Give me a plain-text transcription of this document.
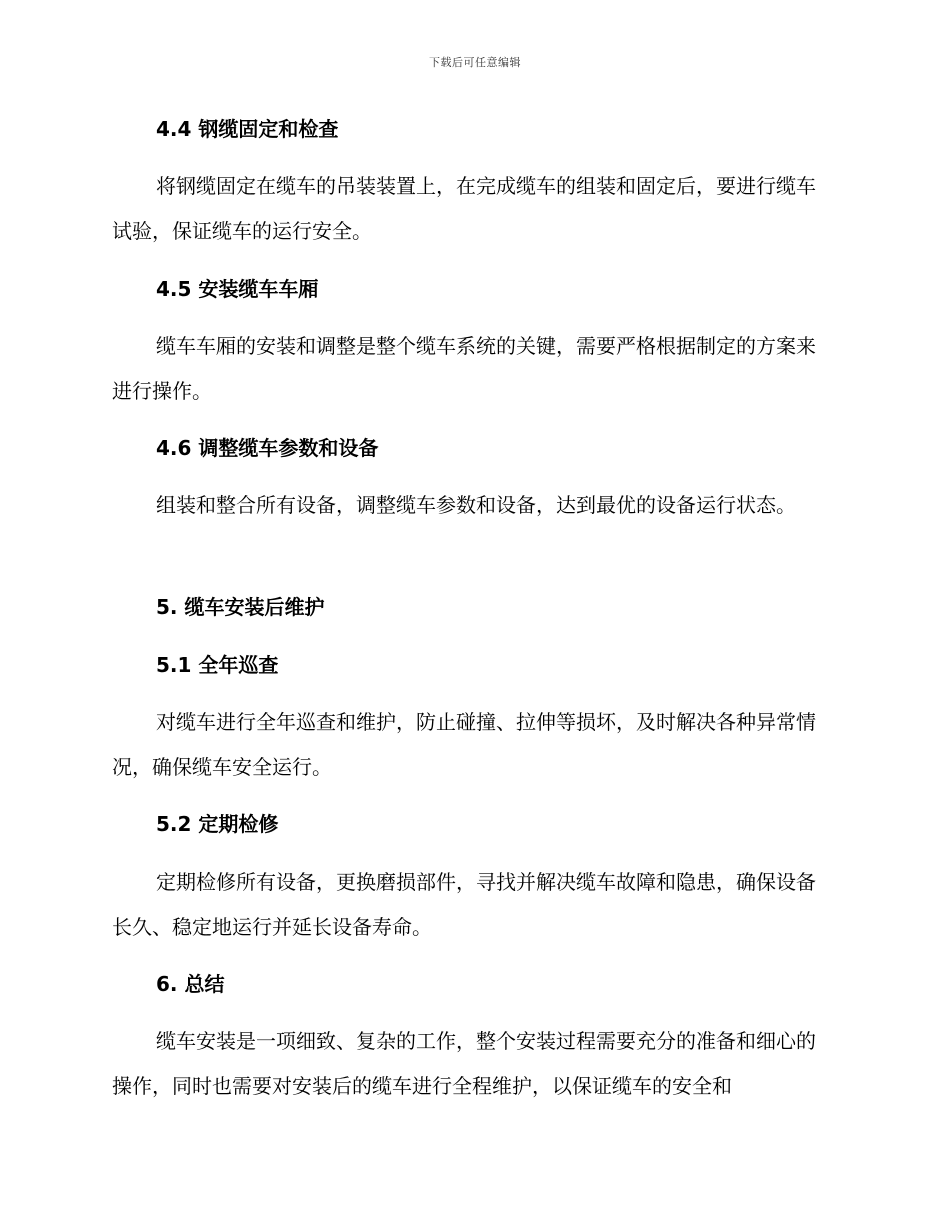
下载后可任意编辑
4.4 钢缆固定和检查
将钢缆固定在缆车的吊装装置上，在完成缆车的组装和固定后，要进行缆车试验，保证缆车的运行安全。
4.5 安装缆车车厢
缆车车厢的安装和调整是整个缆车系统的关键，需要严格根据制定的方案来进行操作。
4.6 调整缆车参数和设备
组装和整合所有设备，调整缆车参数和设备，达到最优的设备运行状态。
5. 缆车安装后维护
5.1 全年巡查
对缆车进行全年巡查和维护，防止碰撞、拉伸等损坏，及时解决各种异常情况，确保缆车安全运行。
5.2 定期检修
定期检修所有设备，更换磨损部件，寻找并解决缆车故障和隐患，确保设备长久、稳定地运行并延长设备寿命。
6. 总结
缆车安装是一项细致、复杂的工作，整个安装过程需要充分的准备和细心的操作，同时也需要对安装后的缆车进行全程维护，以保证缆车的安全和
